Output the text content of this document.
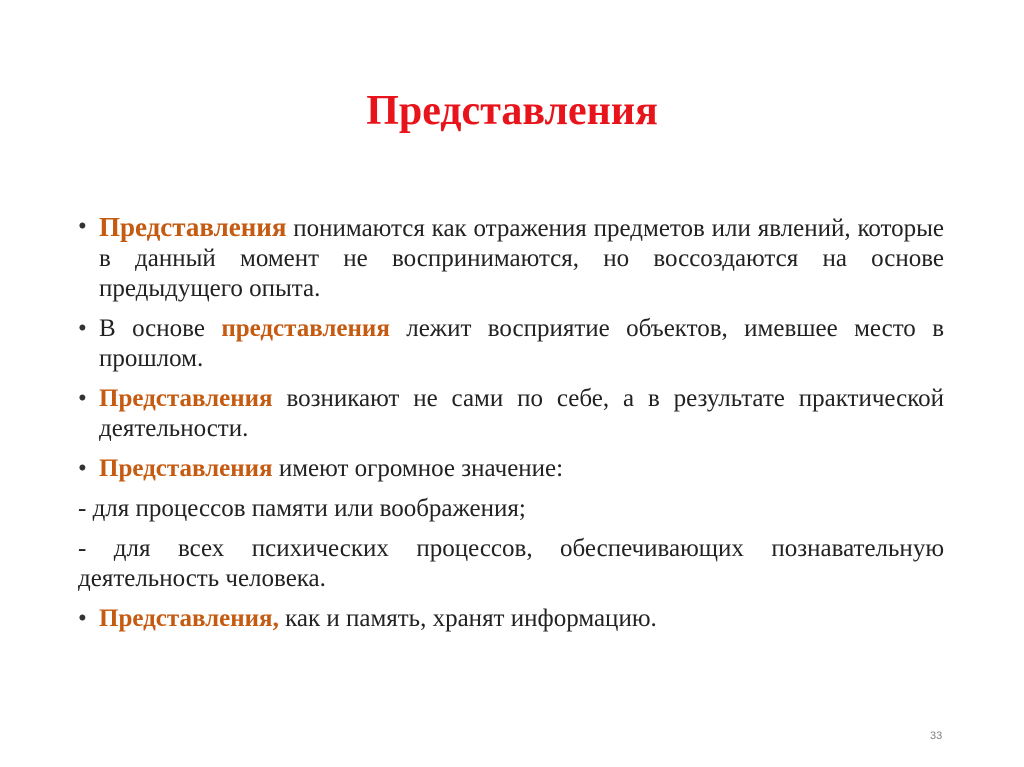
Представления
• Представления понимаются как отражения предметов или явлений, которые в данный момент не воспринимаются, но воссоздаются на основе предыдущего опыта.
• В основе представления лежит восприятие объектов, имевшее место в прошлом.
• Представления возникают не сами по себе, а в результате практической деятельности.
• Представления имеют огромное значение:
- для процессов памяти или воображения;
- для всех психических процессов, обеспечивающих познавательную деятельность человека.
• Представления, как и память, хранят информацию.
33
